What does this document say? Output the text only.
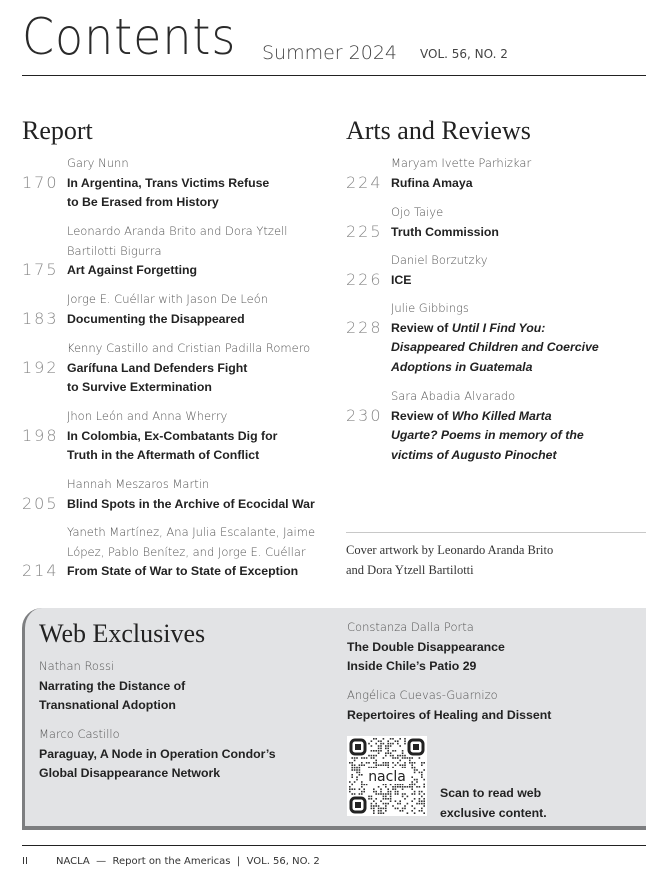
Contents Summer 2024 VOL. 56, NO. 2
Report
Gary Nunn
170 In Argentina, Trans Victims Refuse
to Be Erased from History
Leonardo Aranda Brito and Dora Ytzell Bartilotti Bigurra
175 Art Against Forgetting
Jorge E. Cuéllar with Jason De León
183 Documenting the Disappeared
Kenny Castillo and Cristian Padilla Romero
192 Garífuna Land Defenders Fight
to Survive Extermination
Jhon León and Anna Wherry
198 In Colombia, Ex-Combatants Dig for
Truth in the Aftermath of Conflict
Hannah Meszaros Martin
205 Blind Spots in the Archive of Ecocidal War
Yaneth Martínez, Ana Julia Escalante, Jaime López, Pablo Benítez, and Jorge E. Cuéllar
214 From State of War to State of Exception
Arts and Reviews
Maryam Ivette Parhizkar
224 Rufina Amaya
Ojo Taiye
225 Truth Commission
Daniel Borzutzky
226 ICE
Julie Gibbings
228 Review of Until I Find You: Disappeared Children and Coercive Adoptions in Guatemala
Sara Abadia Alvarado
230 Review of Who Killed Marta Ugarte? Poems in memory of the victims of Augusto Pinochet
Cover artwork by Leonardo Aranda Brito
and Dora Ytzell Bartilotti
Web Exclusives
Nathan Rossi
Narrating the Distance of
Transnational Adoption
Marco Castillo
Paraguay, A Node in Operation Condor’s
Global Disappearance Network
Constanza Dalla Porta
The Double Disappearance
Inside Chile’s Patio 29
Angélica Cuevas-Guarnizo
Repertoires of Healing and Dissent
nacla
Scan to read web
exclusive content.
II	NACLA  —  Report on the Americas  |  VOL. 56, NO. 2
